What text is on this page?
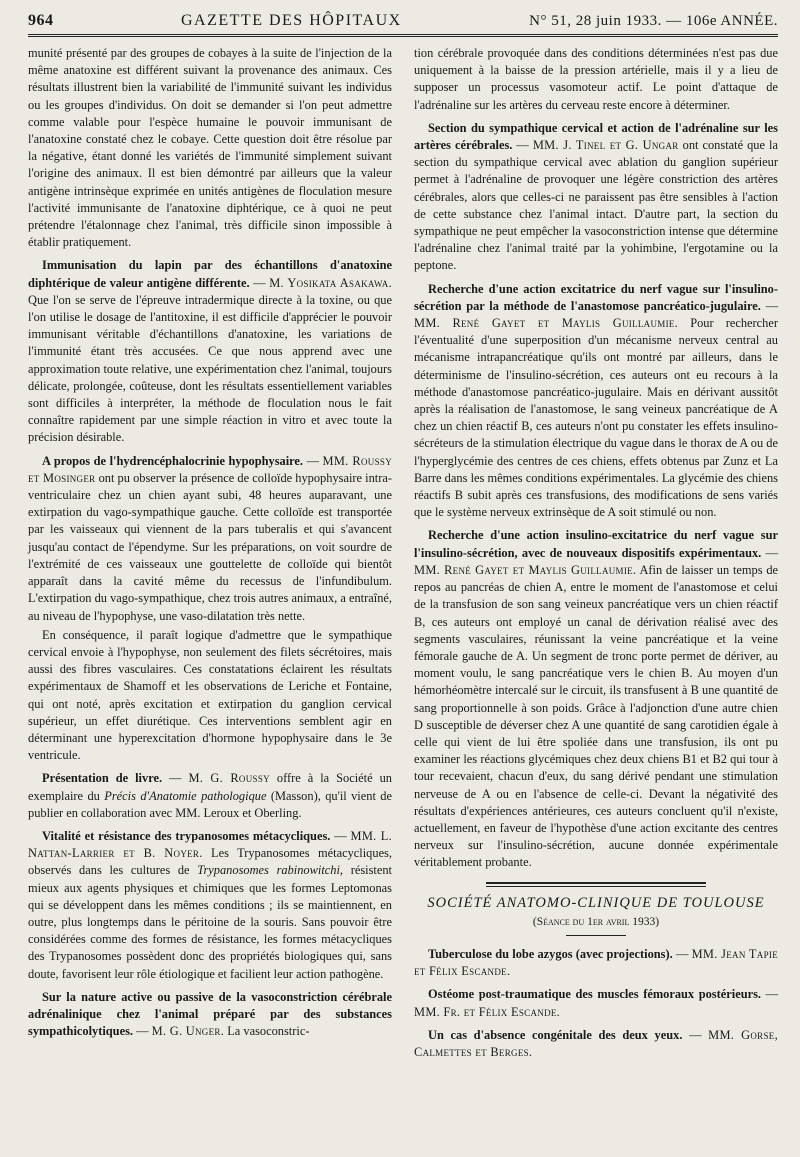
964	GAZETTE DES HÔPITAUX	N° 51, 28 juin 1933. — 106e ANNÉE.

munité présenté par des groupes de cobayes à la suite de l'injection de la même anatoxine est différent suivant la provenance des animaux. Ces résultats illustrent bien la variabilité de l'immunité suivant les individus ou les groupes d'individus. On doit se demander si l'on peut admettre comme valable pour l'espèce humaine le pouvoir immunisant de l'anatoxine constaté chez le cobaye. Cette question doit être résolue par la négative, étant donné les variétés de l'immunité simplement suivant l'origine des animaux. Il est bien démontré par ailleurs que la valeur antigène intrinsèque exprimée en unités antigènes de floculation mesure l'activité immunisante de l'anatoxine diphtérique, ce à quoi ne peut prétendre l'étalonnage chez l'animal, très difficile sinon impossible à établir pratiquement.

Immunisation du lapin par des échantillons d'anatoxine diphtérique de valeur antigène différente. — M. Yosikata Asakawa. Que l'on se serve de l'épreuve intradermique directe à la toxine, ou que l'on utilise le dosage de l'antitoxine, il est difficile d'apprécier le pouvoir immunisant véritable d'échantillons d'anatoxine, les variations de l'immunité étant très accusées. Ce que nous apprend avec une approximation toute relative, une expérimentation chez l'animal, toujours délicate, prolongée, coûteuse, dont les résultats essentiellement variables sont difficiles à interpréter, la méthode de floculation nous le fait connaître rapidement par une simple réaction in vitro et avec toute la précision désirable.

A propos de l'hydrencéphalocrinie hypophysaire. — MM. Roussy et Mosinger ont pu observer la présence de colloïde hypophysaire intra-ventriculaire chez un chien ayant subi, 48 heures auparavant, une extirpation du vago-sympathique gauche. Cette colloïde est transportée par les vaisseaux qui viennent de la pars tuberalis et qui s'avancent jusqu'au contact de l'épendyme. Sur les préparations, on voit sourdre de l'extrémité de ces vaisseaux une gouttelette de colloïde qui bientôt apparaît dans la cavité même du recessus de l'infundibulum. L'extirpation du vago-sympathique, chez trois autres animaux, a entraîné, au niveau de l'hypophyse, une vaso-dilatation très nette.

En conséquence, il paraît logique d'admettre que le sympathique cervical envoie à l'hypophyse, non seulement des filets sécrétoires, mais aussi des fibres vasculaires. Ces constatations éclairent les résultats expérimentaux de Shamoff et les observations de Leriche et Fontaine, qui ont noté, après excitation et extirpation du ganglion cervical supérieur, un effet diurétique. Ces interventions semblent agir en déterminant une hyperexcitation d'hormone hypophysaire dans le 3e ventricule.

Présentation de livre. — M. G. Roussy offre à la Société un exemplaire du Précis d'Anatomie pathologique (Masson), qu'il vient de publier en collaboration avec MM. Leroux et Oberling.

Vitalité et résistance des trypanosomes métacycliques. — MM. L. Nattan-Larrier et B. Noyer. Les Trypanosomes métacycliques, observés dans les cultures de Trypanosomes rabinowitchi, résistent mieux aux agents physiques et chimiques que les formes Leptomonas qui se développent dans les mêmes conditions ; ils se maintiennent, en outre, plus longtemps dans le péritoine de la souris. Sans pouvoir être considérées comme des formes de résistance, les formes métacycliques des Trypanosomes possèdent donc des propriétés biologiques qui, sans doute, favorisent leur rôle étiologique et facilient leur action pathogène.

Sur la nature active ou passive de la vasoconstriction cérébrale adrénalinique chez l'animal préparé par des substances sympathicolytiques. — M. G. Unger. La vasoconstric-

tion cérébrale provoquée dans des conditions déterminées n'est pas due uniquement à la baisse de la pression artérielle, mais il y a lieu de supposer un processus vasomoteur actif. Le point d'attaque de l'adrénaline sur les artères du cerveau reste encore à déterminer.

Section du sympathique cervical et action de l'adrénaline sur les artères cérébrales. — MM. J. Tinel et G. Ungar ont constaté que la section du sympathique cervical avec ablation du ganglion supérieur permet à l'adrénaline de provoquer une légère constriction des artères cérébrales, alors que celles-ci ne paraissent pas être sensibles à l'action de cette substance chez l'animal intact. D'autre part, la section du sympathique ne peut empêcher la vasoconstriction intense que détermine l'adrénaline chez l'animal traité par la yohimbine, l'ergotamine ou la peptone.

Recherche d'une action excitatrice du nerf vague sur l'insulino-sécrétion par la méthode de l'anastomose pancréatico-jugulaire. — MM. René Gayet et Maylis Guillaumie. Pour rechercher l'éventualité d'une superposition d'un mécanisme nerveux central au mécanisme intrapancréatique qu'ils ont montré par ailleurs, dans le déterminisme de l'insulino-sécrétion, ces auteurs ont eu recours à la méthode d'anastomose pancréatico-jugulaire. Mais en dérivant aussitôt après la réalisation de l'anastomose, le sang veineux pancréatique de A chez un chien réactif B, ces auteurs n'ont pu constater les effets insulino-sécréteurs de la stimulation électrique du vague dans le thorax de A ou de l'hyperglycémie des centres de ces chiens, effets obtenus par Zunz et La Barre dans les mêmes conditions expérimentales. La glycémie des chiens réactifs B subit après ces transfusions, des modifications de sens variés que le système nerveux extrinsèque de A soit stimulé ou non.

Recherche d'une action insulino-excitatrice du nerf vague sur l'insulino-sécrétion, avec de nouveaux dispositifs expérimentaux. — MM. René Gayet et Maylis Guillaumie. Afin de laisser un temps de repos au pancréas de chien A, entre le moment de l'anastomose et celui de la transfusion de son sang veineux pancréatique vers un chien réactif B, ces auteurs ont employé un canal de dérivation réalisé avec des segments vasculaires, réunissant la veine pancréatique et la veine fémorale gauche de A. Un segment de tronc porte permet de dériver, au moment voulu, le sang pancréatique vers le chien B. Au moyen d'un hémorhéomètre intercalé sur le circuit, ils transfusent à B une quantité de sang proportionnelle à son poids. Grâce à l'adjonction d'une autre chien D susceptible de déverser chez A une quantité de sang carotidien égale à celle qui vient de lui être spoliée dans une transfusion, ils ont pu examiner les réactions glycémiques chez deux chiens B1 et B2 qui tour à tour recevaient, chacun d'eux, du sang dérivé pendant une stimulation nerveuse de A ou en l'absence de celle-ci. Devant la négativité des résultats d'expériences antérieures, ces auteurs concluent qu'il n'existe, actuellement, en faveur de l'hypothèse d'une action excitante des centres nerveux sur l'insulino-sécrétion, aucune donnée expérimentale véritablement probante.

SOCIÉTÉ ANATOMO-CLINIQUE DE TOULOUSE
(Séance du 1er avril 1933)

Tuberculose du lobe azygos (avec projections). — MM. Jean Tapie et Félix Escande.

Ostéome post-traumatique des muscles fémoraux postérieurs. — MM. Fr. et Félix Escande.

Un cas d'absence congénitale des deux yeux. — MM. Gorse, Calmettes et Berges.
